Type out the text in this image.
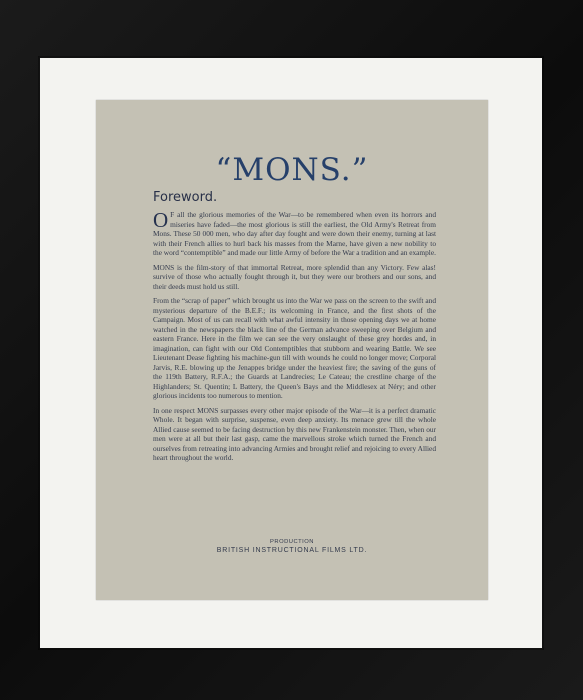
“MONS.”
Foreword.

O F all the glorious memories of the War—to be remembered when even its horrors and miseries have faded—the most glorious is still the earliest, the Old Army's Retreat from Mons. These 50 000 men, who day after day fought and were down their enemy, turning at last with their French allies to hurl back his masses from the Marne, have given a new nobility to the word “contemptible” and made our little Army of before the War a tradition and an example.

MONS is the film-story of that immortal Retreat, more splendid than any Victory. Few alas! survive of those who actually fought through it, but they were our brothers and our sons, and their deeds must hold us still.

From the “scrap of paper” which brought us into the War we pass on the screen to the swift and mysterious departure of the B.E.F.; its welcoming in France, and the first shots of the Campaign. Most of us can recall with what awful intensity in those opening days we at home watched in the newspapers the black line of the German advance sweeping over Belgium and eastern France. Here in the film we can see the very onslaught of these grey hordes and, in imagination, can fight with our Old Contemptibles that stubborn and wearing Battle. We see Lieutenant Dease fighting his machine-gun till with wounds he could no longer move; Corporal Jarvis, R.E. blowing up the Jenappes bridge under the heaviest fire; the saving of the guns of the 119th Battery, R.F.A.; the Guards at Landrecies; Le Cateau; the crestline charge of the Highlanders; St. Quentin; L Battery, the Queen's Bays and the Middlesex at Néry; and other glorious incidents too numerous to mention.

In one respect MONS surpasses every other major episode of the War—it is a perfect dramatic Whole. It began with surprise, suspense, even deep anxiety. Its menace grew till the whole Allied cause seemed to be facing destruction by this new Frankenstein monster. Then, when our men were at all but their last gasp, came the marvellous stroke which turned the French and ourselves from retreating into advancing Armies and brought relief and rejoicing to every Allied heart throughout the world.

PRODUCTION
BRITISH INSTRUCTIONAL FILMS LTD.
